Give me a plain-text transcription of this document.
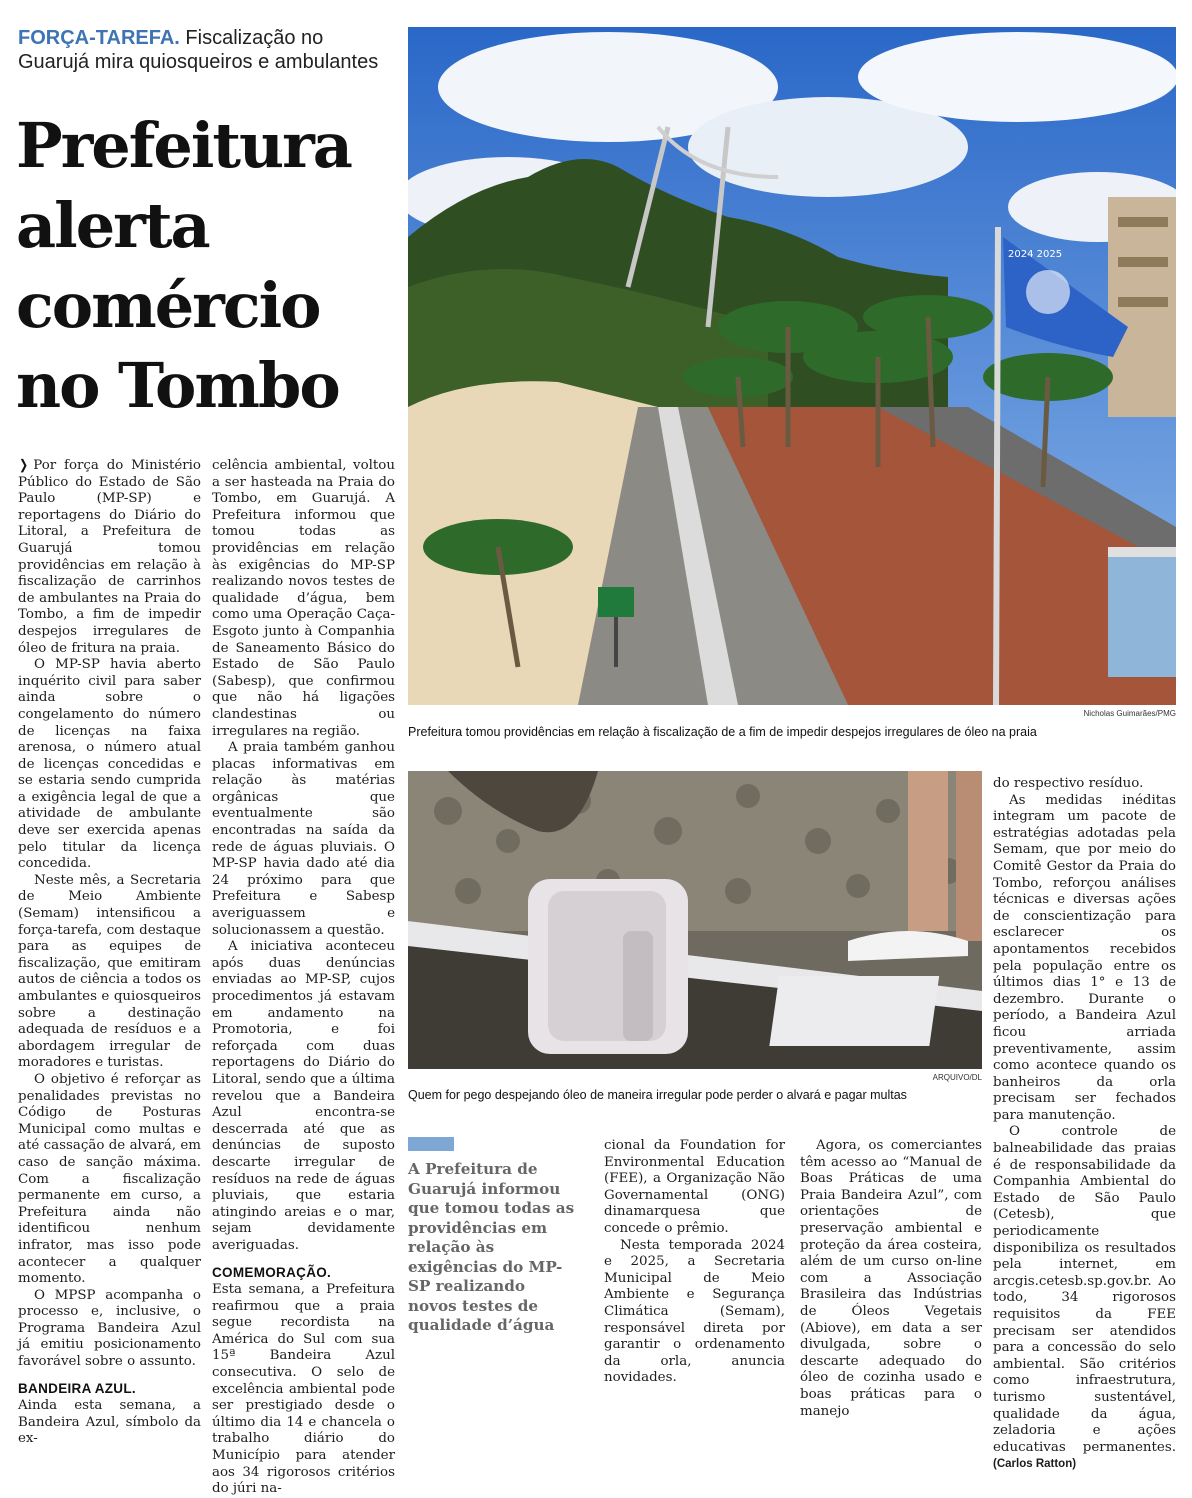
FORÇA-TAREFA. Fiscalização no Guarujá mira quiosqueiros e ambulantes
Prefeitura alerta comércio no Tombo

❯ Por força do Ministério Público do Estado de São Paulo (MP-SP) e reportagens do Diário do Litoral, a Prefeitura de Guarujá tomou providências em relação à fiscalização de carrinhos de ambulantes na Praia do Tombo, a fim de impedir despejos irregulares de óleo de fritura na praia.

O MP-SP havia aberto inquérito civil para saber ainda sobre o congelamento do número de licenças na faixa arenosa, o número atual de licenças concedidas e se estaria sendo cumprida a exigência legal de que a atividade de ambulante deve ser exercida apenas pelo titular da licença concedida.

Neste mês, a Secretaria de Meio Ambiente (Semam) intensificou a força-tarefa, com destaque para as equipes de fiscalização, que emitiram autos de ciência a todos os ambulantes e quiosqueiros sobre a destinação adequada de resíduos e a abordagem irregular de moradores e turistas.

O objetivo é reforçar as penalidades previstas no Código de Posturas Municipal como multas e até cassação de alvará, em caso de sanção máxima. Com a fiscalização permanente em curso, a Prefeitura ainda não identificou nenhum infrator, mas isso pode acontecer a qualquer momento.

O MPSP acompanha o processo e, inclusive, o Programa Bandeira Azul já emitiu posicionamento favorável sobre o assunto.

BANDEIRA AZUL.

Ainda esta semana, a Bandeira Azul, símbolo da ex-

celência ambiental, voltou a ser hasteada na Praia do Tombo, em Guarujá. A Prefeitura informou que tomou todas as providências em relação às exigências do MP-SP realizando novos testes de qualidade d’água, bem como uma Operação Caça-Esgoto junto à Companhia de Saneamento Básico do Estado de São Paulo (Sabesp), que confirmou que não há ligações clandestinas ou irregulares na região.

A praia também ganhou placas informativas em relação às matérias orgânicas que eventualmente são encontradas na saída da rede de águas pluviais. O MP-SP havia dado até dia 24 próximo para que Prefeitura e Sabesp averiguassem e solucionassem a questão.

A iniciativa aconteceu após duas denúncias enviadas ao MP-SP, cujos procedimentos já estavam em andamento na Promotoria, e foi reforçada com duas reportagens do Diário do Litoral, sendo que a última revelou que a Bandeira Azul encontra-se descerrada até que as denúncias de suposto descarte irregular de resíduos na rede de águas pluviais, que estaria atingindo areias e o mar, sejam devidamente averiguadas.

COMEMORAÇÃO.

Esta semana, a Prefeitura reafirmou que a praia segue recordista na América do Sul com sua 15ª Bandeira Azul consecutiva. O selo de excelência ambiental pode ser prestigiado desde o último dia 14 e chancela o trabalho diário do Município para atender aos 34 rigorosos critérios do júri na-

2024 2025
Nicholas Guimarães/PMG
Prefeitura tomou providências em relação à fiscalização de a fim de impedir despejos irregulares de óleo na praia
ARQUIVO/DL
Quem for pego despejando óleo de maneira irregular pode perder o alvará e pagar multas

do respectivo resíduo.

As medidas inéditas integram um pacote de estratégias adotadas pela Semam, que por meio do Comitê Gestor da Praia do Tombo, reforçou análises técnicas e diversas ações de conscientização para esclarecer os apontamentos recebidos pela população entre os últimos dias 1° e 13 de dezembro. Durante o período, a Bandeira Azul ficou arriada preventivamente, assim como acontece quando os banheiros da orla precisam ser fechados para manutenção.

O controle de balneabilidade das praias é de responsabilidade da Companhia Ambiental do Estado de São Paulo (Cetesb), que periodicamente disponibiliza os resultados pela internet, em arcgis.cetesb.sp.gov.br. Ao todo, 34 rigorosos requisitos da FEE precisam ser atendidos para a concessão do selo ambiental. São critérios como infraestrutura, turismo sustentável, qualidade da água, zeladoria e ações educativas permanentes. (Carlos Ratton)

A Prefeitura de Guarujá informou que tomou todas as providências em relação às exigências do MP-SP realizando novos testes de qualidade d’água

cional da Foundation for Environmental Education (FEE), a Organização Não Governamental (ONG) dinamarquesa que concede o prêmio.

Nesta temporada 2024 e 2025, a Secretaria Municipal de Meio Ambiente e Segurança Climática (Semam), responsável direta por garantir o ordenamento da orla, anuncia novidades.

Agora, os comerciantes têm acesso ao “Manual de Boas Práticas de uma Praia Bandeira Azul”, com orientações de preservação ambiental e proteção da área costeira, além de um curso on-line com a Associação Brasileira das Indústrias de Óleos Vegetais (Abiove), em data a ser divulgada, sobre o descarte adequado do óleo de cozinha usado e boas práticas para o manejo
